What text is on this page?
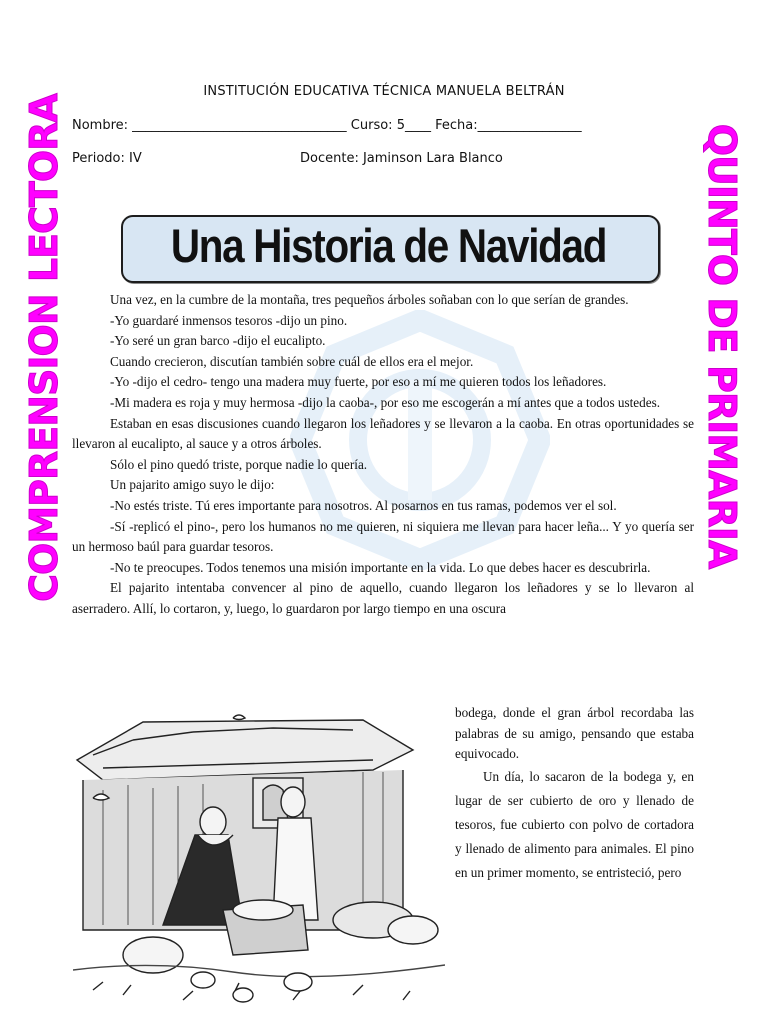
INSTITUCIÓN EDUCATIVA TÉCNICA MANUELA BELTRÁN
Nombre: _________________________________ Curso: 5____ Fecha:________________
Periodo: IV	Docente: Jaminson Lara Blanco
COMPRENSION LECTORA	QUINTO DE PRIMARIA
Una Historia de Navidad

Una vez, en la cumbre de la montaña, tres pequeños árboles soñaban con lo que serían de grandes.

-Yo guardaré inmensos tesoros -dijo un pino.

-Yo seré un gran barco -dijo el eucalipto.

Cuando crecieron, discutían también sobre cuál de ellos era el mejor.

-Yo -dijo el cedro- tengo una madera muy fuerte, por eso a mí me quieren todos los leñadores.

-Mi madera es roja y muy hermosa -dijo la caoba-, por eso me escogerán a mí antes que a todos ustedes.

Estaban en esas discusiones cuando llegaron los leñadores y se llevaron a la caoba. En otras oportunidades se llevaron al eucalipto, al sauce y a otros árboles.

Sólo el pino quedó triste, porque nadie lo quería.

Un pajarito amigo suyo le dijo:

-No estés triste. Tú eres importante para nosotros. Al posarnos en tus ramas, podemos ver el sol.

-Sí -replicó el pino-, pero los humanos no me quieren, ni siquiera me llevan para hacer leña... Y yo quería ser un hermoso baúl para guardar tesoros.

-No te preocupes. Todos tenemos una misión importante en la vida. Lo que debes hacer es descubrirla.

El pajarito intentaba convencer al pino de aquello, cuando llegaron los leñadores y se lo llevaron al aserradero. Allí, lo cortaron, y, luego, lo guardaron por largo tiempo en una oscura

bodega, donde el gran árbol recordaba las palabras de su amigo, pensando que estaba equivocado.

Un día, lo sacaron de la bodega y, en lugar de ser cubierto de oro y llenado de tesoros, fue cubierto con polvo de cortadora y llenado de alimento para animales. El pino en un primer momento, se entristeció, pero
